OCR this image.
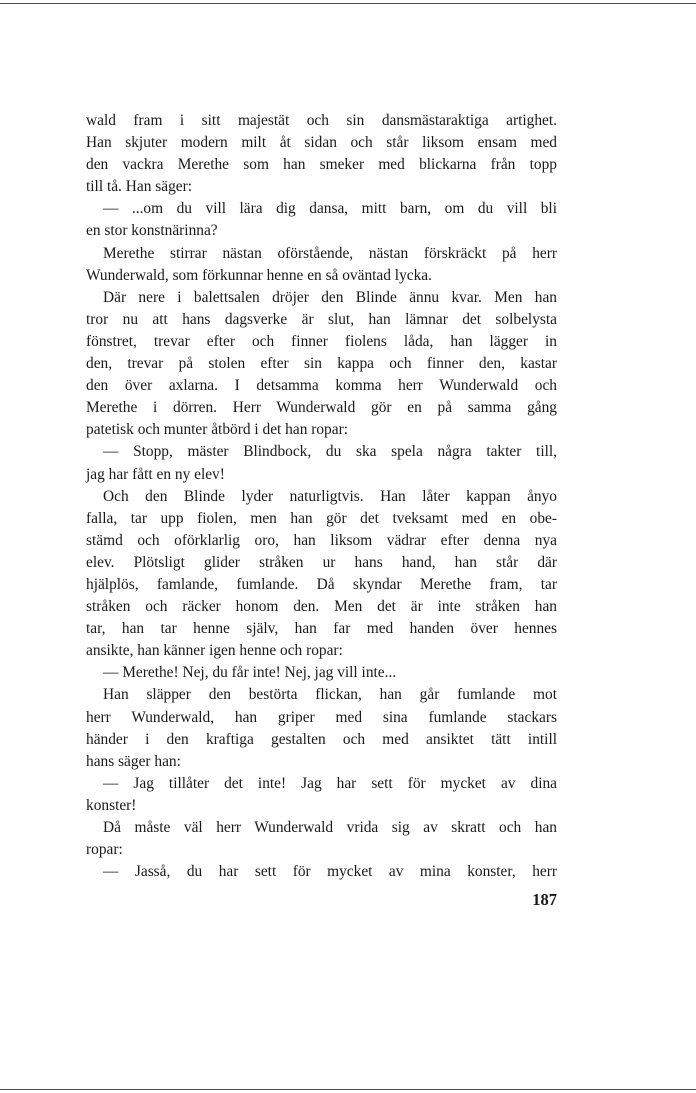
wald fram i sitt majestät och sin dansmästaraktiga artighet.
Han skjuter modern milt åt sidan och står liksom ensam med
den vackra Merethe som han smeker med blickarna från topp
till tå. Han säger:
— ...om du vill lära dig dansa, mitt barn, om du vill bli
en stor konstnärinna?
Merethe stirrar nästan oförstående, nästan förskräckt på herr
Wunderwald, som förkunnar henne en så oväntad lycka.
Där nere i balettsalen dröjer den Blinde ännu kvar. Men han
tror nu att hans dagsverke är slut, han lämnar det solbelysta
fönstret, trevar efter och finner fiolens låda, han lägger in
den, trevar på stolen efter sin kappa och finner den, kastar
den över axlarna. I detsamma komma herr Wunderwald och
Merethe i dörren. Herr Wunderwald gör en på samma gång
patetisk och munter åtbörd i det han ropar:
— Stopp, mäster Blindbock, du ska spela några takter till,
jag har fått en ny elev!
Och den Blinde lyder naturligtvis. Han låter kappan ånyo
falla, tar upp fiolen, men han gör det tveksamt med en obe-
stämd och oförklarlig oro, han liksom vädrar efter denna nya
elev. Plötsligt glider stråken ur hans hand, han står där
hjälplös, famlande, fumlande. Då skyndar Merethe fram, tar
stråken och räcker honom den. Men det är inte stråken han
tar, han tar henne själv, han far med handen över hennes
ansikte, han känner igen henne och ropar:
— Merethe! Nej, du får inte! Nej, jag vill inte...
Han släpper den bestörta flickan, han går fumlande mot
herr Wunderwald, han griper med sina fumlande stackars
händer i den kraftiga gestalten och med ansiktet tätt intill
hans säger han:
— Jag tillåter det inte! Jag har sett för mycket av dina
konster!
Då måste väl herr Wunderwald vrida sig av skratt och han
ropar:
— Jasså, du har sett för mycket av mina konster, herr
187
